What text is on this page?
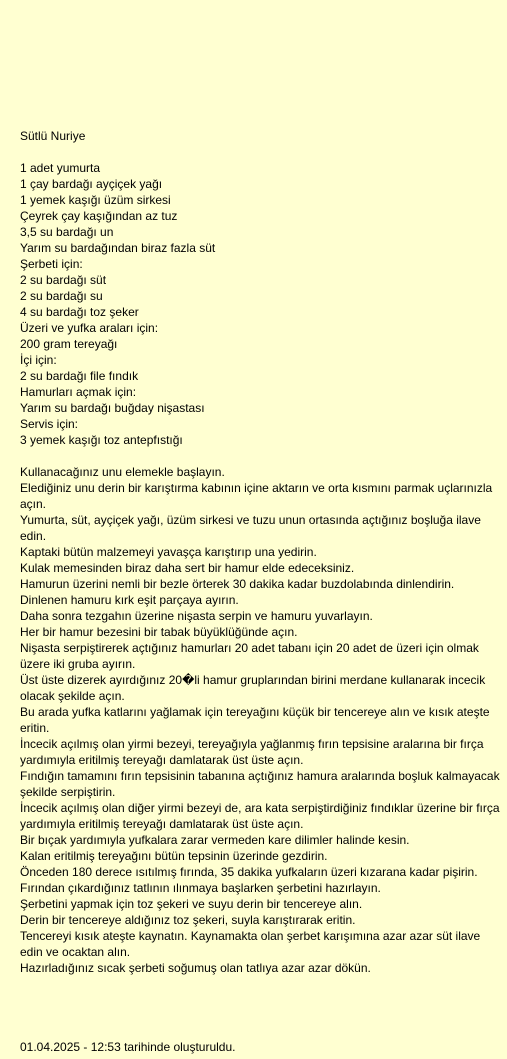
Sütlü Nuriye
1 adet yumurta
1 çay bardağı ayçiçek yağı
1 yemek kaşığı üzüm sirkesi
Çeyrek çay kaşığından az tuz
3,5 su bardağı un
Yarım su bardağından biraz fazla süt
Şerbeti için:
2 su bardağı süt
2 su bardağı su
4 su bardağı toz şeker
Üzeri ve yufka araları için:
200 gram tereyağı
İçi için:
2 su bardağı file fındık
Hamurları açmak için:
Yarım su bardağı buğday nişastası
Servis için:
3 yemek kaşığı toz antepfıstığı
Kullanacağınız unu elemekle başlayın.
Elediğiniz unu derin bir karıştırma kabının içine aktarın ve orta kısmını parmak uçlarınızla açın.
Yumurta, süt, ayçiçek yağı, üzüm sirkesi ve tuzu unun ortasında açtığınız boşluğa ilave edin.
Kaptaki bütün malzemeyi yavaşça karıştırıp una yedirin.
Kulak memesinden biraz daha sert bir hamur elde edeceksiniz.
Hamurun üzerini nemli bir bezle örterek 30 dakika kadar buzdolabında dinlendirin.
Dinlenen hamuru kırk eşit parçaya ayırın.
Daha sonra tezgahın üzerine nişasta serpin ve hamuru yuvarlayın.
Her bir hamur bezesini bir tabak büyüklüğünde açın.
Nişasta serpiştirerek açtığınız hamurları 20 adet tabanı için 20 adet de üzeri için olmak üzere iki gruba ayırın.
Üst üste dizerek ayırdığınız 20�li hamur gruplarından birini merdane kullanarak incecik olacak şekilde açın.
Bu arada yufka katlarını yağlamak için tereyağını küçük bir tencereye alın ve kısık ateşte eritin.
İncecik açılmış olan yirmi bezeyi, tereyağıyla yağlanmış fırın tepsisine aralarına bir fırça yardımıyla eritilmiş tereyağı damlatarak üst üste açın.
Fındığın tamamını fırın tepsisinin tabanına açtığınız hamura aralarında boşluk kalmayacak şekilde serpiştirin.
İncecik açılmış olan diğer yirmi bezeyi de, ara kata serpiştirdiğiniz fındıklar üzerine bir fırça yardımıyla eritilmiş tereyağı damlatarak üst üste açın.
Bir bıçak yardımıyla yufkalara zarar vermeden kare dilimler halinde kesin.
Kalan eritilmiş tereyağını bütün tepsinin üzerinde gezdirin.
Önceden 180 derece ısıtılmış fırında, 35 dakika yufkaların üzeri kızarana kadar pişirin.
Fırından çıkardığınız tatlının ılınmaya başlarken şerbetini hazırlayın.
Şerbetini yapmak için toz şekeri ve suyu derin bir tencereye alın.
Derin bir tencereye aldığınız toz şekeri, suyla karıştırarak eritin.
Tencereyi kısık ateşte kaynatın. Kaynamakta olan şerbet karışımına azar azar süt ilave edin ve ocaktan alın.
Hazırladığınız sıcak şerbeti soğumuş olan tatlıya azar azar dökün.
01.04.2025 - 12:53 tarihinde oluşturuldu.
